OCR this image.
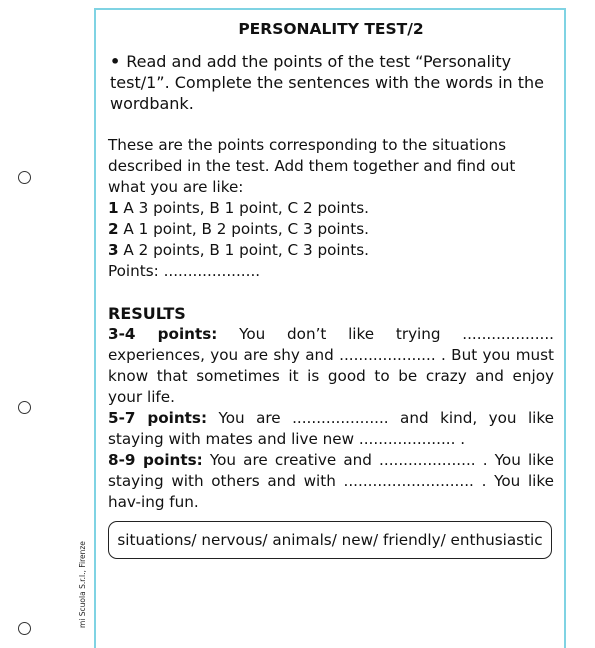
mi Scuola S.r.l., Firenze
PERSONALITY TEST/2
• Read and add the points of the test “Personality test/1”. Complete the sentences with the words in the wordbank.
These are the points corresponding to the situations described in the test. Add them together and find out what you are like:
1 A 3 points, B 1 point, C 2 points.
2 A 1 point, B 2 points, C 3 points.
3 A 2 points, B 1 point, C 3 points.
Points: ....................
RESULTS
3-4 points: You don’t like trying ................... experiences, you are shy and .................... . But you must know that sometimes it is good to be crazy and enjoy your life.
5-7 points: You are .................... and kind, you like staying with mates and live new .................... .
8-9 points: You are creative and .................... . You like staying with others and with ........................... . You like hav-ing fun.
situations/ nervous/ animals/ new/ friendly/ enthusiastic
